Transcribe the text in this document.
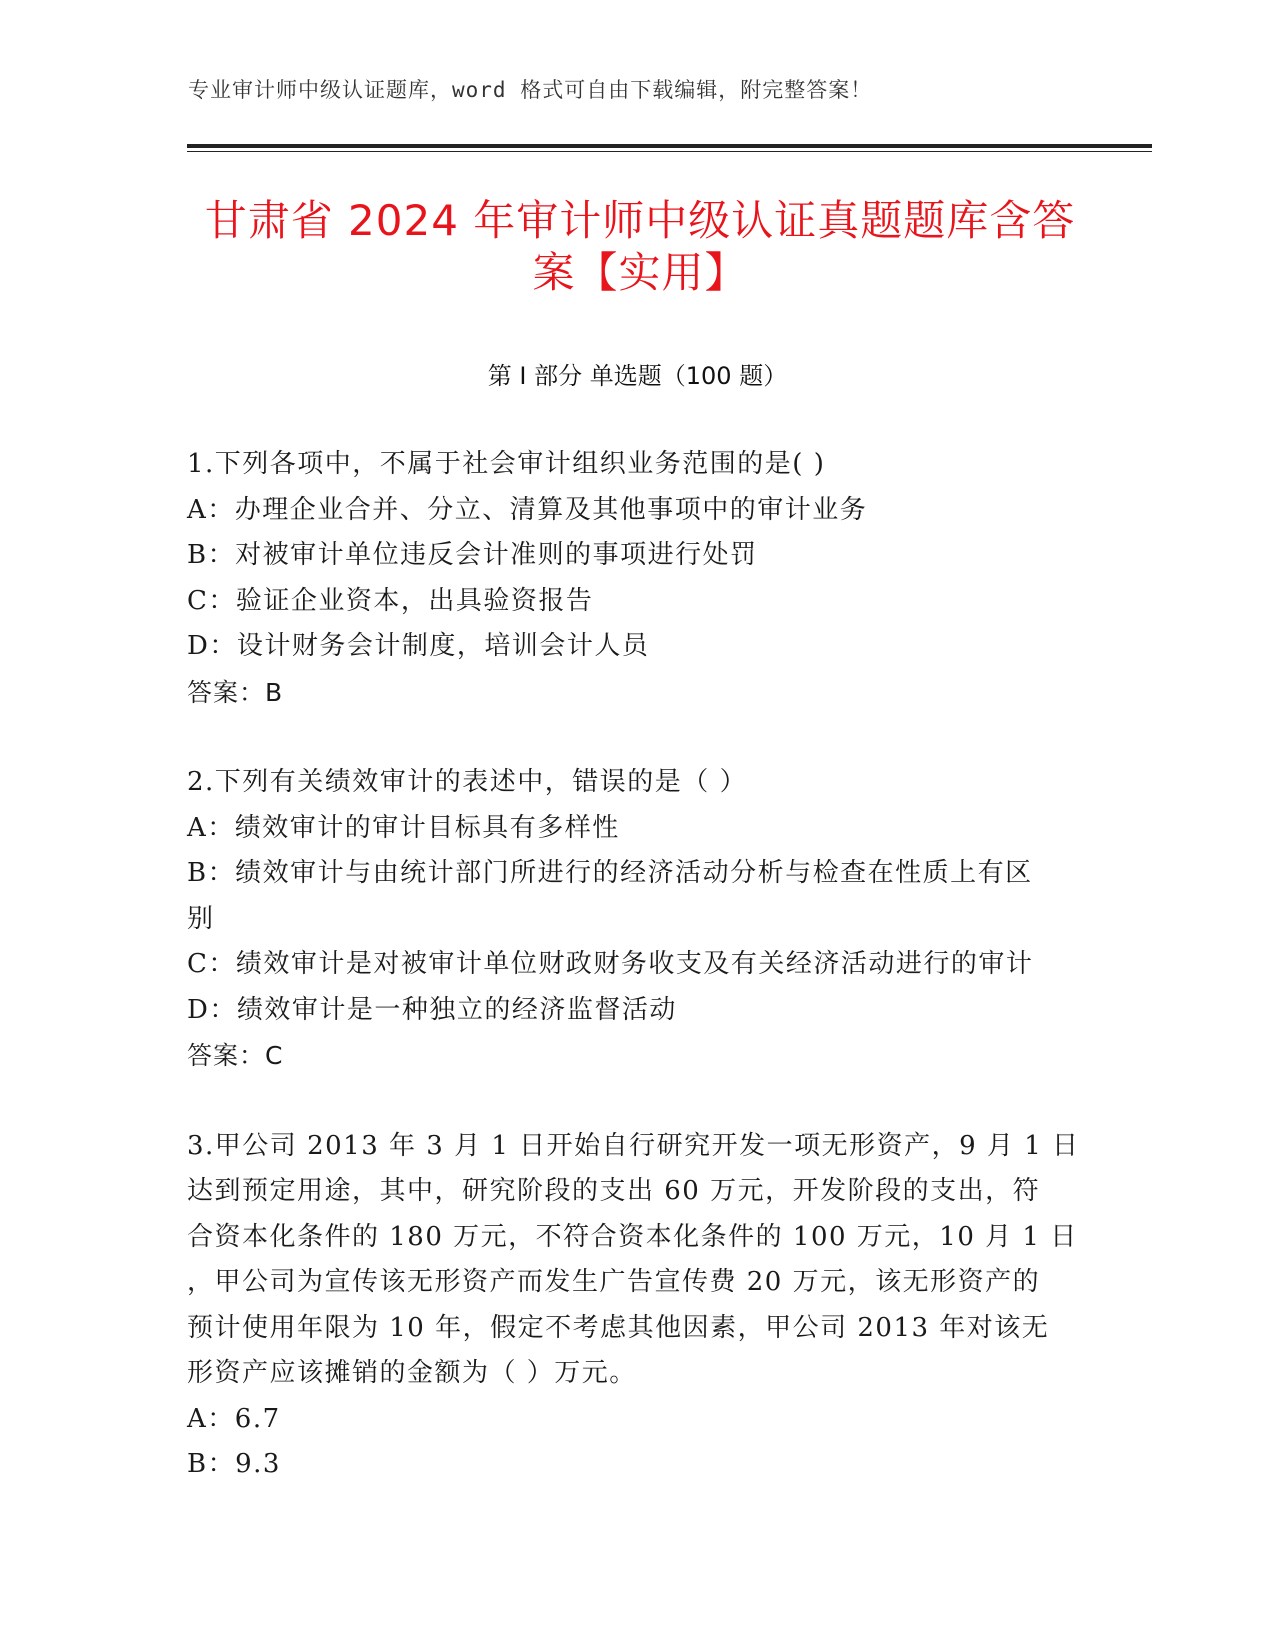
专业审计师中级认证题库，word 格式可自由下载编辑，附完整答案！
甘肃省 2024 年审计师中级认证真题题库含答
案【实用】
第 I 部分 单选题（100 题）
1.下列各项中，不属于社会审计组织业务范围的是( )
A：办理企业合并、分立、清算及其他事项中的审计业务
B：对被审计单位违反会计准则的事项进行处罚
C：验证企业资本，出具验资报告
D：设计财务会计制度，培训会计人员
答案：B
2.下列有关绩效审计的表述中，错误的是（ ）
A：绩效审计的审计目标具有多样性
B：绩效审计与由统计部门所进行的经济活动分析与检查在性质上有区
别
C：绩效审计是对被审计单位财政财务收支及有关经济活动进行的审计
D：绩效审计是一种独立的经济监督活动
答案：C
3.甲公司 2013 年 3 月 1 日开始自行研究开发一项无形资产，9 月 1 日
达到预定用途，其中，研究阶段的支出 60 万元，开发阶段的支出，符
合资本化条件的 180 万元，不符合资本化条件的 100 万元，10 月 1 日
，甲公司为宣传该无形资产而发生广告宣传费 20 万元，该无形资产的
预计使用年限为 10 年，假定不考虑其他因素，甲公司 2013 年对该无
形资产应该摊销的金额为（ ）万元。
A：6.7
B：9.3
